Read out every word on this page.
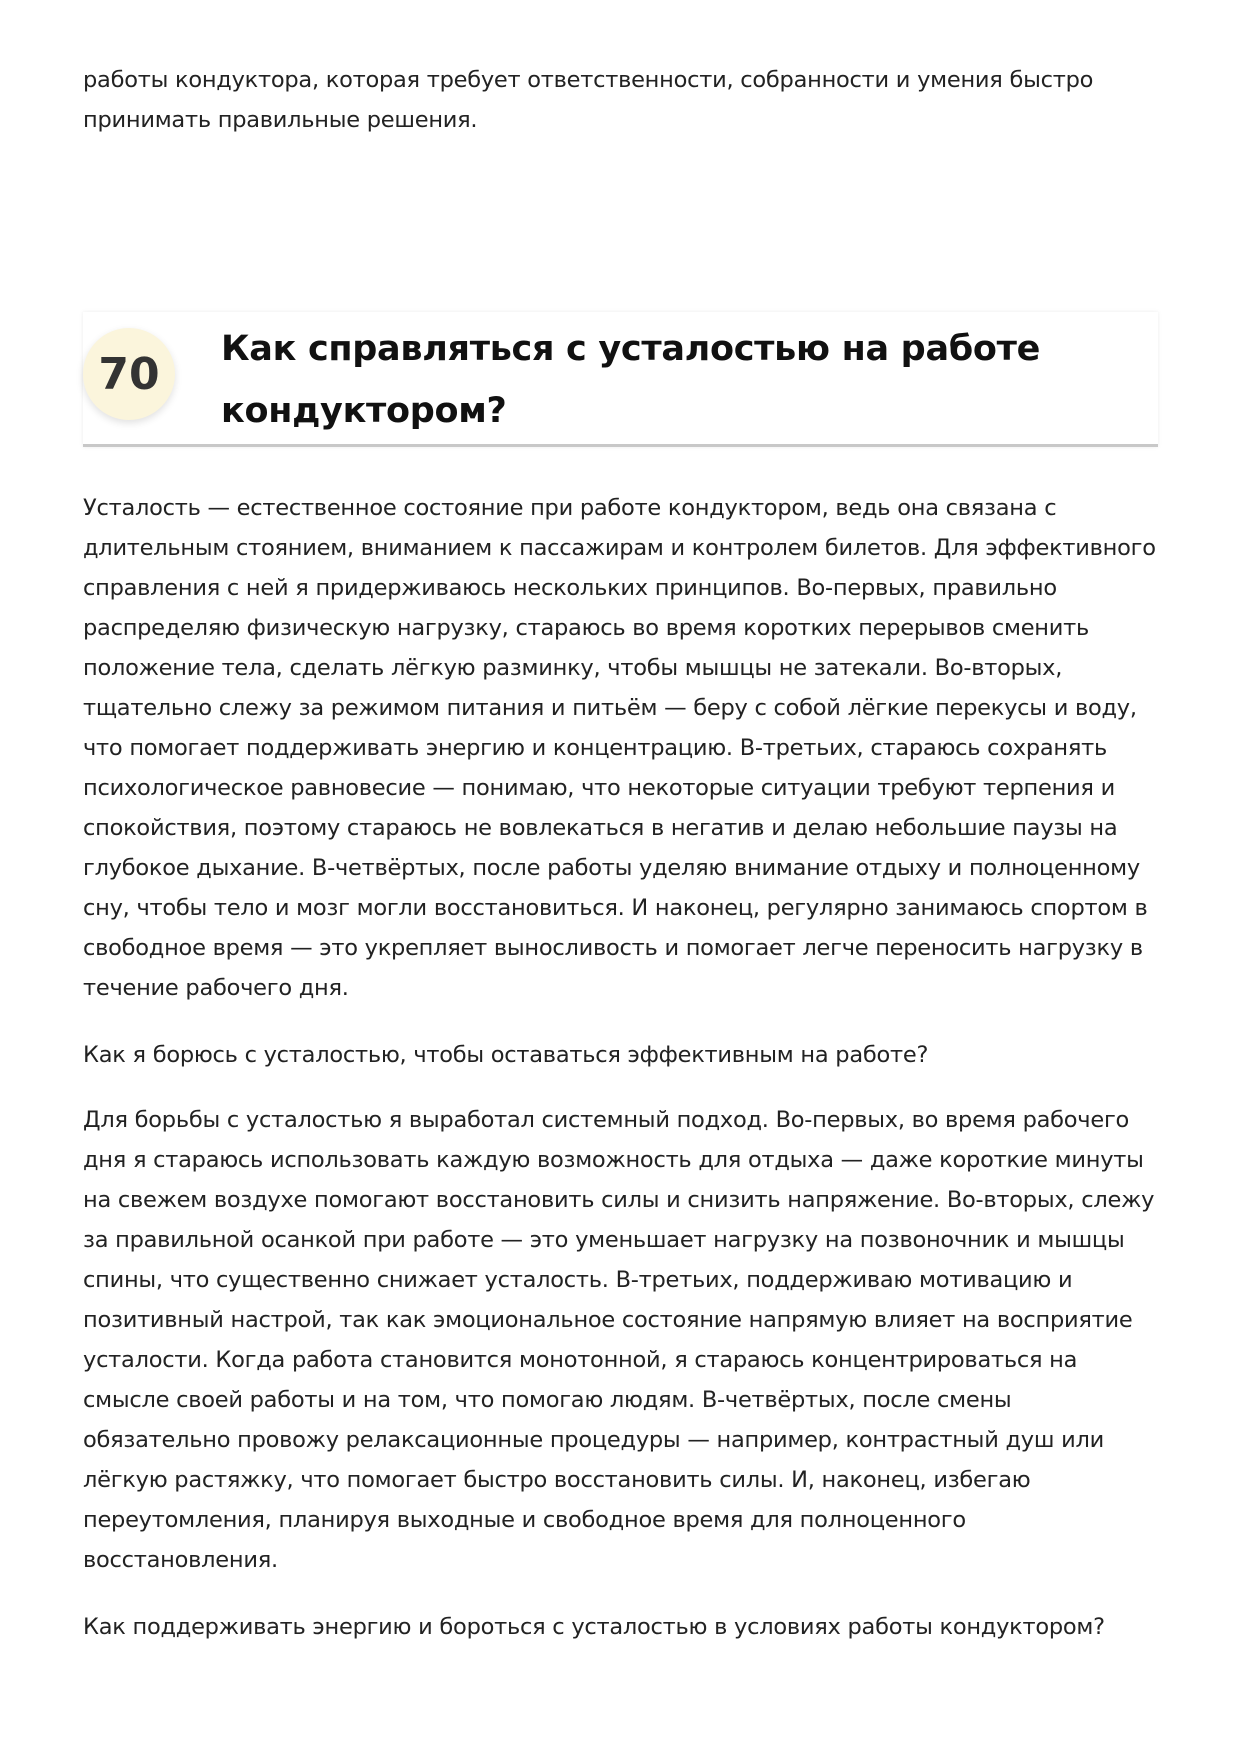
работы кондуктора, которая требует ответственности, собранности и умения быстро принимать правильные решения.

70	Как справляться с усталостью на работе кондуктором?

Усталость — естественное состояние при работе кондуктором, ведь она связана с длительным стоянием, вниманием к пассажирам и контролем билетов. Для эффективного справления с ней я придерживаюсь нескольких принципов. Во-первых, правильно распределяю физическую нагрузку, стараюсь во время коротких перерывов сменить положение тела, сделать лёгкую разминку, чтобы мышцы не затекали. Во-вторых, тщательно слежу за режимом питания и питьём — беру с собой лёгкие перекусы и воду, что помогает поддерживать энергию и концентрацию. В-третьих, стараюсь сохранять психологическое равновесие — понимаю, что некоторые ситуации требуют терпения и спокойствия, поэтому стараюсь не вовлекаться в негатив и делаю небольшие паузы на глубокое дыхание. В-четвёртых, после работы уделяю внимание отдыху и полноценному сну, чтобы тело и мозг могли восстановиться. И наконец, регулярно занимаюсь спортом в свободное время — это укрепляет выносливость и помогает легче переносить нагрузку в течение рабочего дня.

Как я борюсь с усталостью, чтобы оставаться эффективным на работе?

Для борьбы с усталостью я выработал системный подход. Во-первых, во время рабочего дня я стараюсь использовать каждую возможность для отдыха — даже короткие минуты на свежем воздухе помогают восстановить силы и снизить напряжение. Во-вторых, слежу за правильной осанкой при работе — это уменьшает нагрузку на позвоночник и мышцы спины, что существенно снижает усталость. В-третьих, поддерживаю мотивацию и позитивный настрой, так как эмоциональное состояние напрямую влияет на восприятие усталости. Когда работа становится монотонной, я стараюсь концентрироваться на смысле своей работы и на том, что помогаю людям. В-четвёртых, после смены обязательно провожу релаксационные процедуры — например, контрастный душ или лёгкую растяжку, что помогает быстро восстановить силы. И, наконец, избегаю переутомления, планируя выходные и свободное время для полноценного восстановления.

Как поддерживать энергию и бороться с усталостью в условиях работы кондуктором?
